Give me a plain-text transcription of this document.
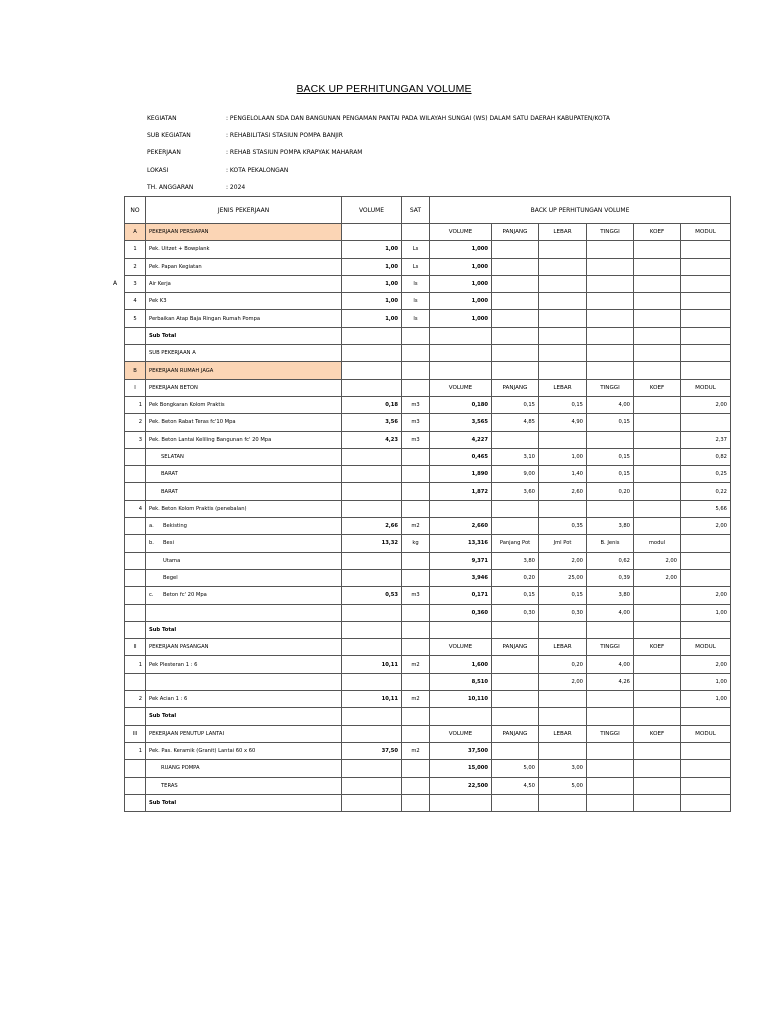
BACK UP PERHITUNGAN VOLUME
KEGIATAN	: PENGELOLAAN SDA DAN BANGUNAN PENGAMAN PANTAI PADA WILAYAH SUNGAI (WS) DALAM SATU DAERAH KABUPATEN/KOTA
SUB KEGIATAN	: REHABILITASI STASIUN POMPA BANJIR
PEKERJAAN	: REHAB STASIUN POMPA KRAPYAK MAHARAM
LOKASI	: KOTA PEKALONGAN
TH. ANGGARAN	: 2024
A
NO	JENIS PEKERJAAN	VOLUME	SAT	BACK UP PERHITUNGAN VOLUME					
A	PEKERJAAN PERSIAPAN			VOLUME	PANJANG	LEBAR	TINGGI	KOEF	MODUL
1	Pek. Uitzet + Bowplank	1,00	Ls	1,000					
2	Pek. Papan Kegiatan	1,00	Ls	1,000					
3	Air Kerja	1,00	ls	1,000					
4	Pek K3	1,00	ls	1,000					
5	Perbaikan Atap Baja Ringan Rumah Pompa	1,00	ls	1,000					
	Sub Total								
	SUB PEKERJAAN A								
B	PEKERJAAN RUMAH JAGA								
I	PEKERJAAN BETON			VOLUME	PANJANG	LEBAR	TINGGI	KOEF	MODUL
1	Pek Bongkaran Kolom Praktis	0,18	m3	0,180	0,15	0,15	4,00		2,00
2	Pek. Beton Rabat Teras fc'10 Mpa	3,56	m3	3,565	4,85	4,90	0,15		
3	Pek. Beton Lantai Keliling Bangunan fc' 20 Mpa	4,23	m3	4,227					2,37
	SELATAN			0,465	3,10	1,00	0,15		0,82
	BARAT			1,890	9,00	1,40	0,15		0,25
	BARAT			1,872	3,60	2,60	0,20		0,22
4	Pek. Beton Kolom Praktis (penebalan)								5,66
	a. Bekisting	2,66	m2	2,660		0,35	3,80		2,00
	b. Besi	13,32	kg	13,316	Panjang Pot	Jml Pot	B. Jenis	modul	
	Utama			9,371	3,80	2,00	0,62	2,00	
	Begel			3,946	0,20	25,00	0,39	2,00	
	c. Beton fc' 20 Mpa	0,53	m3	0,171	0,15	0,15	3,80		2,00
				0,360	0,30	0,30	4,00		1,00
	Sub Total								
II	PEKERJAAN PASANGAN			VOLUME	PANJANG	LEBAR	TINGGI	KOEF	MODUL
1	Pek Plesteran 1 : 6	10,11	m2	1,600		0,20	4,00		2,00
				8,510		2,00	4,26		1,00
2	Pek Acian 1 : 6	10,11	m2	10,110					1,00
	Sub Total								
III	PEKERJAAN PENUTUP LANTAI			VOLUME	PANJANG	LEBAR	TINGGI	KOEF	MODUL
1	Pek. Pas. Keramik (Granit) Lantai 60 x 60	37,50	m2	37,500					
	RUANG POMPA			15,000	5,00	3,00			
	TERAS			22,500	4,50	5,00			
	Sub Total								
